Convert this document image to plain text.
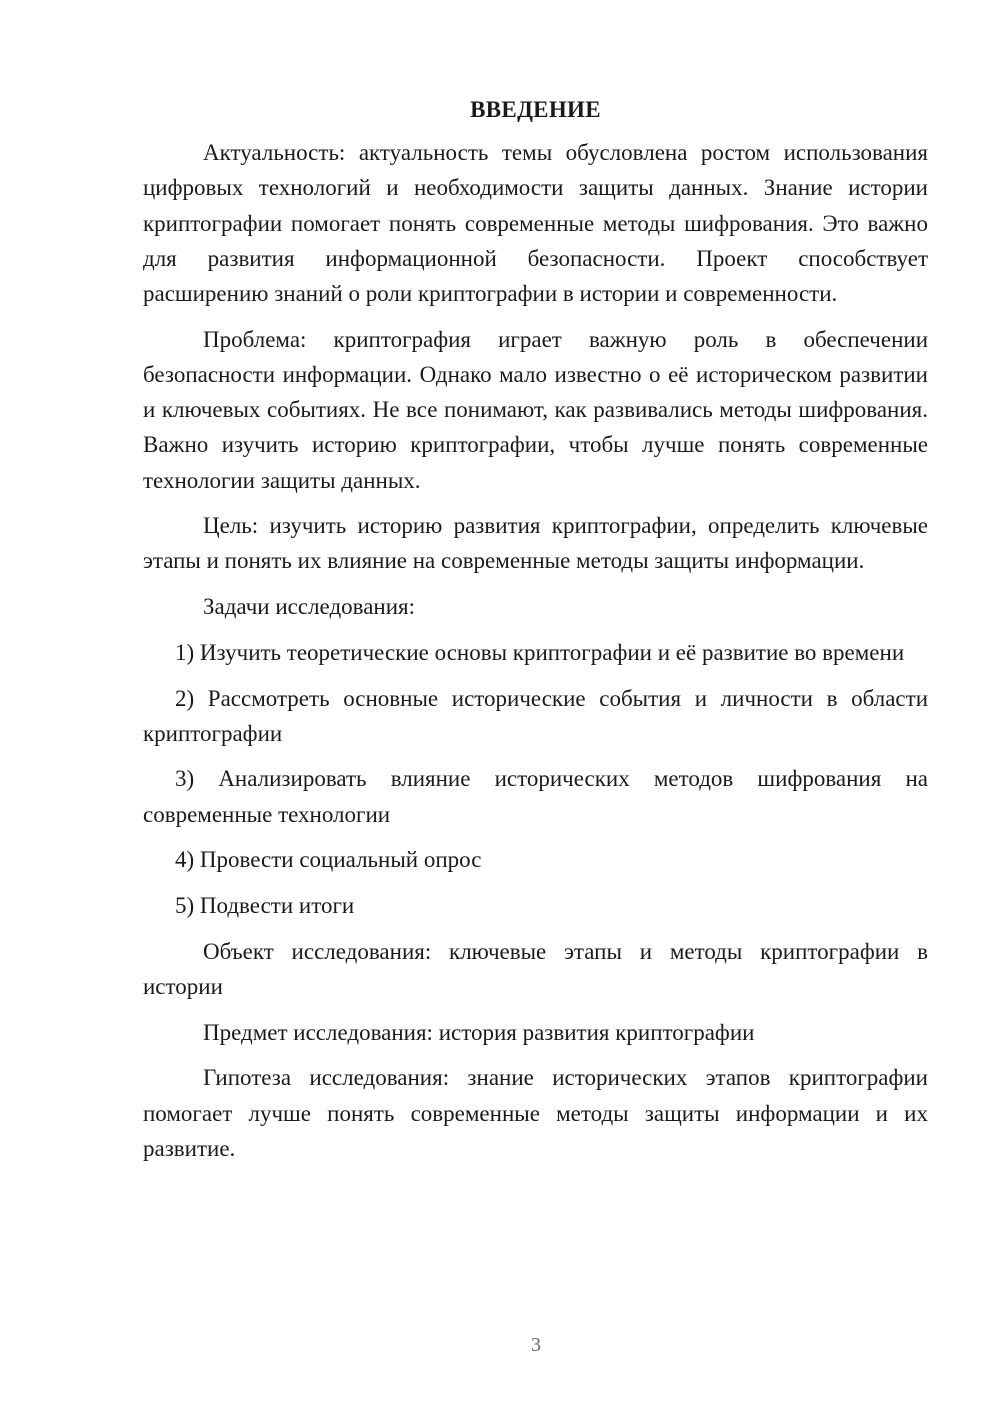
ВВЕДЕНИЕ

Актуальность: актуальность темы обусловлена ростом использования цифровых технологий и необходимости защиты данных. Знание истории криптографии помогает понять современные методы шифрования. Это важно для развития информационной безопасности. Проект способствует расширению знаний о роли криптографии в истории и современности.

Проблема: криптография играет важную роль в обеспечении безопасности информации. Однако мало известно о её историческом развитии и ключевых событиях. Не все понимают, как развивались методы шифрования. Важно изучить историю криптографии, чтобы лучше понять современные технологии защиты данных.

Цель: изучить историю развития криптографии, определить ключевые этапы и понять их влияние на современные методы защиты информации.

Задачи исследования:

1) Изучить теоретические основы криптографии и её развитие во времени

2) Рассмотреть основные исторические события и личности в области криптографии

3) Анализировать влияние исторических методов шифрования на современные технологии

4) Провести социальный опрос

5) Подвести итоги

Объект исследования: ключевые этапы и методы криптографии в истории

Предмет исследования: история развития криптографии

Гипотеза исследования: знание исторических этапов криптографии помогает лучше понять современные методы защиты информации и их развитие.

3
